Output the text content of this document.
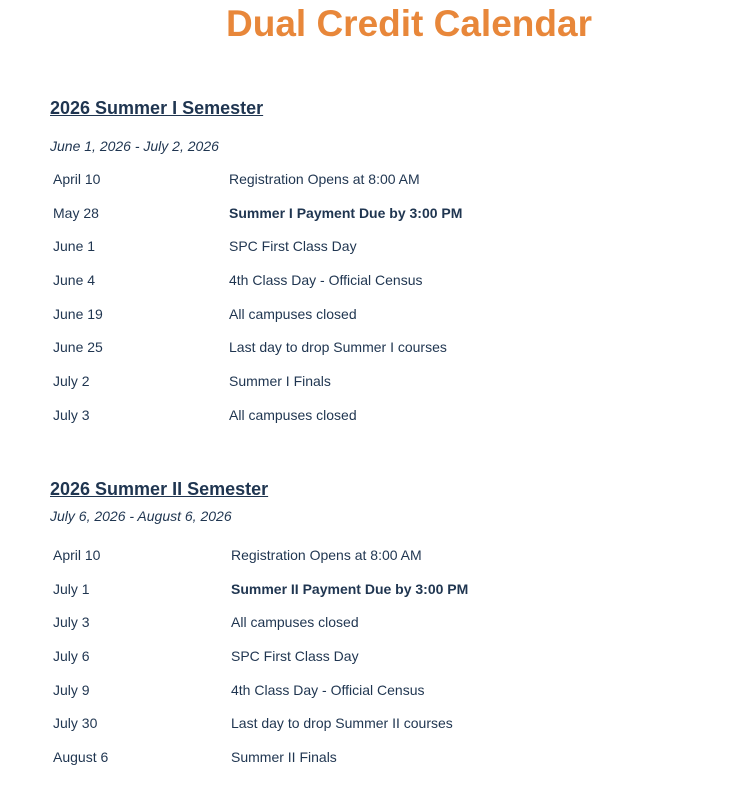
Dual Credit Calendar
2026 Summer I Semester
June 1, 2026 - July 2, 2026
April 10	Registration Opens at 8:00 AM
May 28	Summer I Payment Due by 3:00 PM
June 1	SPC First Class Day
June 4	4th Class Day - Official Census
June 19	All campuses closed
June 25	Last day to drop Summer I courses
July 2	Summer I Finals
July 3	All campuses closed
2026 Summer II Semester
July 6, 2026 - August 6, 2026
April 10	Registration Opens at 8:00 AM
July 1	Summer II Payment Due by 3:00 PM
July 3	All campuses closed
July 6	SPC First Class Day
July 9	4th Class Day - Official Census
July 30	Last day to drop Summer II courses
August 6	Summer II Finals
